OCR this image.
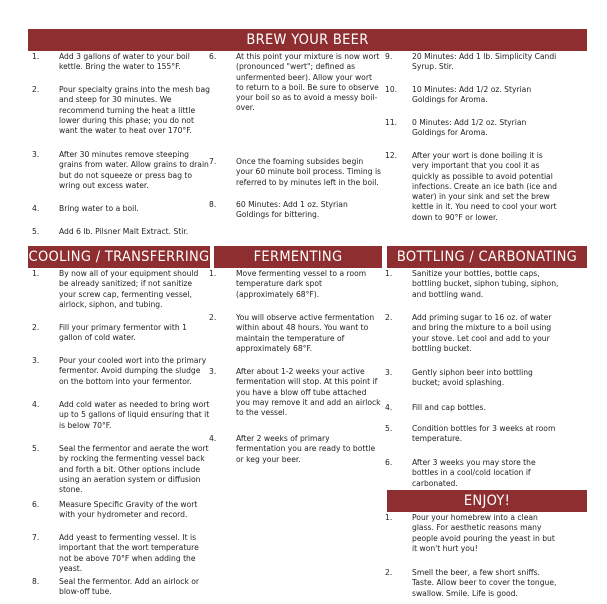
BREW YOUR BEER
1.	Add 3 gallons of water to your boil kettle. Bring the water to 155°F.
2.	Pour specialty grains into the mesh bag and steep for 30 minutes. We recommend turning the heat a little lower during this phase; you do not want the water to heat over 170°F.
3.	After 30 minutes remove steeping grains from water. Allow grains to drain but do not squeeze or press bag to wring out excess water.
4.	Bring water to a boil.
5.	Add 6 lb. Pilsner Malt Extract. Stir.
6.	At this point your mixture is now wort (pronounced "wert"; defined as unfermented beer). Allow your wort to return to a boil. Be sure to observe your boil so as to avoid a messy boil-over.
7.	Once the foaming subsides begin your 60 minute boil process. Timing is referred to by minutes left in the boil.
8.	60 Minutes: Add 1 oz. Styrian Goldings for bittering.
9.	20 Minutes: Add 1 lb. Simplicity Candi Syrup. Stir.
10.	10 Minutes: Add 1/2 oz. Styrian Goldings for Aroma.
11.	0 Minutes: Add 1/2 oz. Styrian Goldings for Aroma.
12.	After your wort is done boiling it is very important that you cool it as quickly as possible to avoid potential infections. Create an ice bath (ice and water) in your sink and set the brew kettle in it. You need to cool your wort down to 90°F or lower.
COOLING / TRANSFERRING
1.	By now all of your equipment should be already sanitized; if not sanitize your screw cap, fermenting vessel, airlock, siphon, and tubing.
2.	Fill your primary fermentor with 1 gallon of cold water.
3.	Pour your cooled wort into the primary fermentor. Avoid dumping the sludge on the bottom into your fermentor.
4.	Add cold water as needed to bring wort up to 5 gallons of liquid ensuring that it is below 70°F.
5.	Seal the fermentor and aerate the wort by rocking the fermenting vessel back and forth a bit. Other options include using an aeration system or diffusion stone.
6.	Measure Specific Gravity of the wort with your hydrometer and record.
7.	Add yeast to fermenting vessel. It is important that the wort temperature not be above 70°F when adding the yeast.
8.	Seal the fermentor. Add an airlock or blow-off tube.
FERMENTING
1.	Move fermenting vessel to a room temperature dark spot (approximately 68°F).
2.	You will observe active fermentation within about 48 hours. You want to maintain the temperature of approximately 68°F.
3.	After about 1-2 weeks your active fermentation will stop. At this point if you have a blow off tube attached you may remove it and add an airlock to the vessel.
4.	After 2 weeks of primary fermentation you are ready to bottle or keg your beer.
BOTTLING / CARBONATING
1.	Sanitize your bottles, bottle caps, bottling bucket, siphon tubing, siphon, and bottling wand.
2.	Add priming sugar to 16 oz. of water and bring the mixture to a boil using your stove. Let cool and add to your bottling bucket.
3.	Gently siphon beer into bottling bucket; avoid splashing.
4.	Fill and cap bottles.
5.	Condition bottles for 3 weeks at room temperature.
6.	After 3 weeks you may store the bottles in a cool/cold location if carbonated.
ENJOY!
1.	Pour your homebrew into a clean glass. For aesthetic reasons many people avoid pouring the yeast in but it won't hurt you!
2.	Smell the beer, a few short sniffs. Taste. Allow beer to cover the tongue, swallow. Smile. Life is good.
